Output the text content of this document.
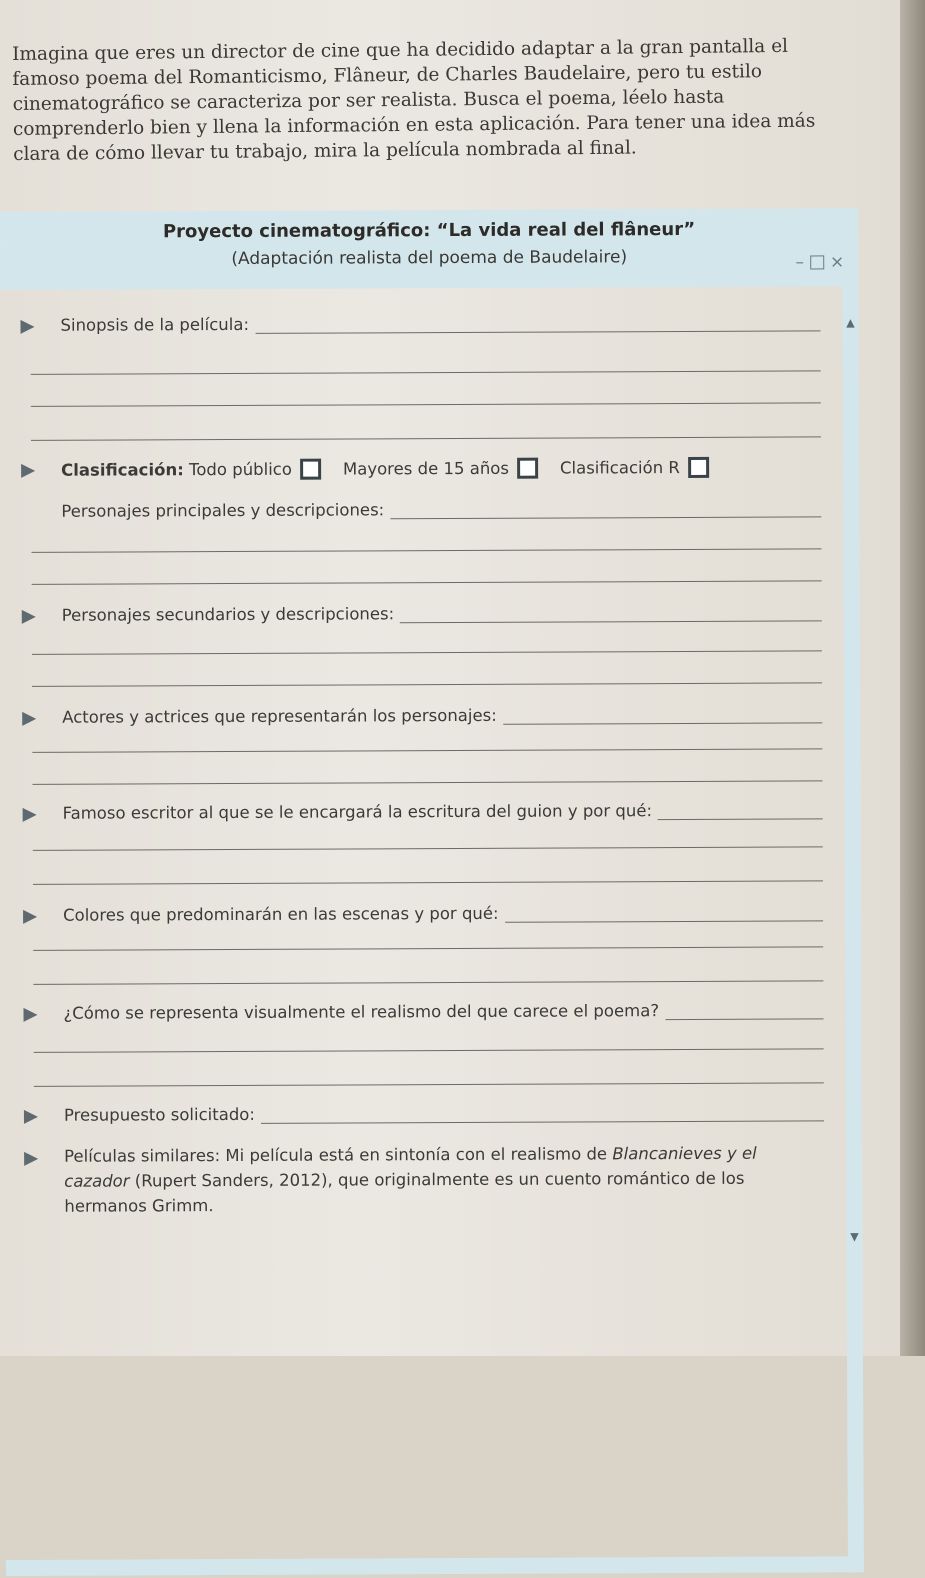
Imagina que eres un director de cine que ha decidido adaptar a la gran pantalla el famoso poema del Romanticismo, Flâneur, de Charles Baudelaire, pero tu estilo cinematográfico se caracteriza por ser realista. Busca el poema, léelo hasta comprenderlo bien y llena la información en esta aplicación. Para tener una idea más clara de cómo llevar tu trabajo, mira la película nombrada al final.

Proyecto cinematográfico: “La vida real del flâneur”
(Adaptación realista del poema de Baudelaire)	– ×
▲
▼
Sinopsis de la película:
Clasificación:
Todo público	Mayores de 15 años	Clasificación R
Personajes principales y descripciones:
Personajes secundarios y descripciones:
Actores y actrices que representarán los personajes:
Famoso escritor al que se le encargará la escritura del guion y por qué:
Colores que predominarán en las escenas y por qué:
¿Cómo se representa visualmente el realismo del que carece el poema?
Presupuesto solicitado:
Películas similares: Mi película está en sintonía con el realismo de Blancanieves y el cazador (Rupert Sanders, 2012), que originalmente es un cuento romántico de los hermanos Grimm.
